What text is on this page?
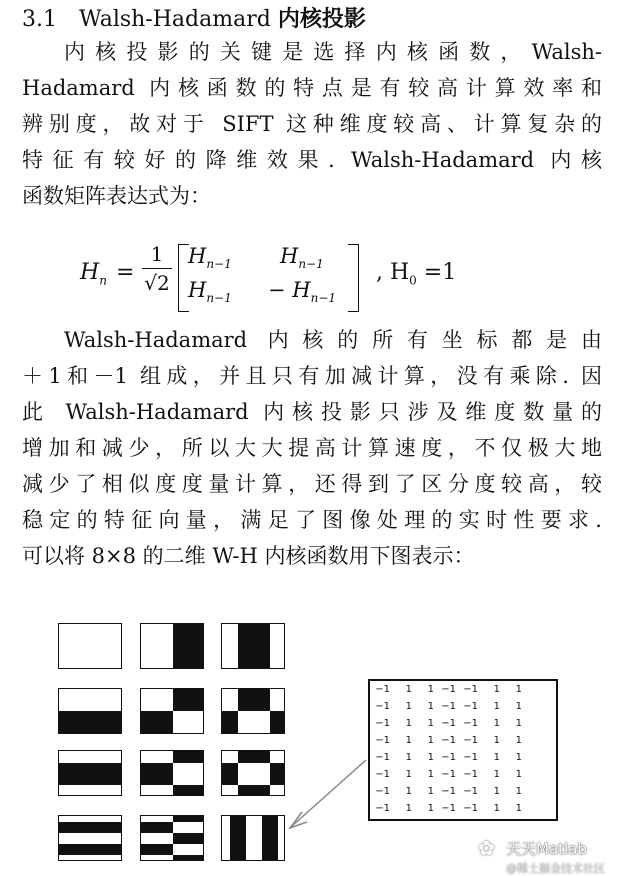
3.1 Walsh-Hadamard 内核投影
内核投影的关键是选择内核函数，Walsh-
Hadamard 内核函数的特点是有较高计算效率和
辨别度，故对于 SIFT 这种维度较高、计算复杂的
特征有较好的降维效果. Walsh-Hadamard 内核
函数矩阵表达式为：
$H_n$ =
1
√2
$H_{n-1}$ $H_{n-1}$
$H_{n-1} - H_{n-1}$
, $H_0 =1$
Walsh-Hadamard 内核的所有坐标都是由
＋1和－1 组成，并且只有加减计算，没有乘除. 因
此 Walsh-Hadamard 内核投影只涉及维度数量的
增加和减少，所以大大提高计算速度，不仅极大地
减少了相似度度量计算，还得到了区分度较高，较
稳定的特征向量，满足了图像处理的实时性要求.
可以将 8×8 的二维 W-H 内核函数用下图表示：
−1	1	1 −1 −1	1	1
−1	1	1 −1 −1	1	1
−1	1	1 −1 −1	1	1
−1	1	1 −1 −1	1	1
−1	1	1 −1 −1	1	1
−1	1	1 −1 −1	1	1
−1	1	1 −1 −1	1	1
−1	1	1 −1 −1	1	1
✿ 天天Matlab
@稀土掘金技术社区
